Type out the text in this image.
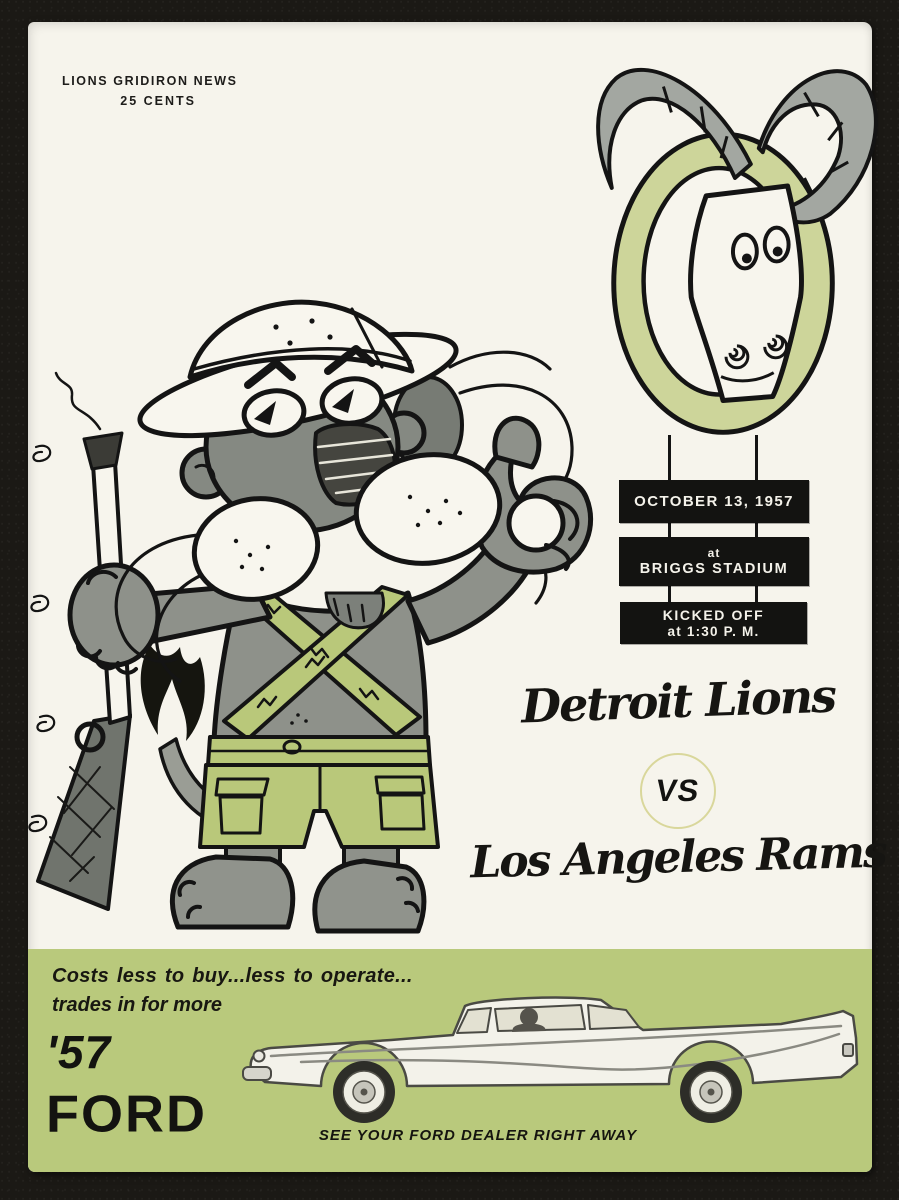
LIONS GRIDIRON NEWS
25 CENTS
OCTOBER 13, 1957
at
BRIGGS STADIUM
KICKED OFF
at 1:30 P. M.
Detroit Lions
VS
Los Angeles Rams
Costs less to buy...less to operate...
trades in for more
'57
FORD	SEE YOUR FORD DEALER RIGHT AWAY
